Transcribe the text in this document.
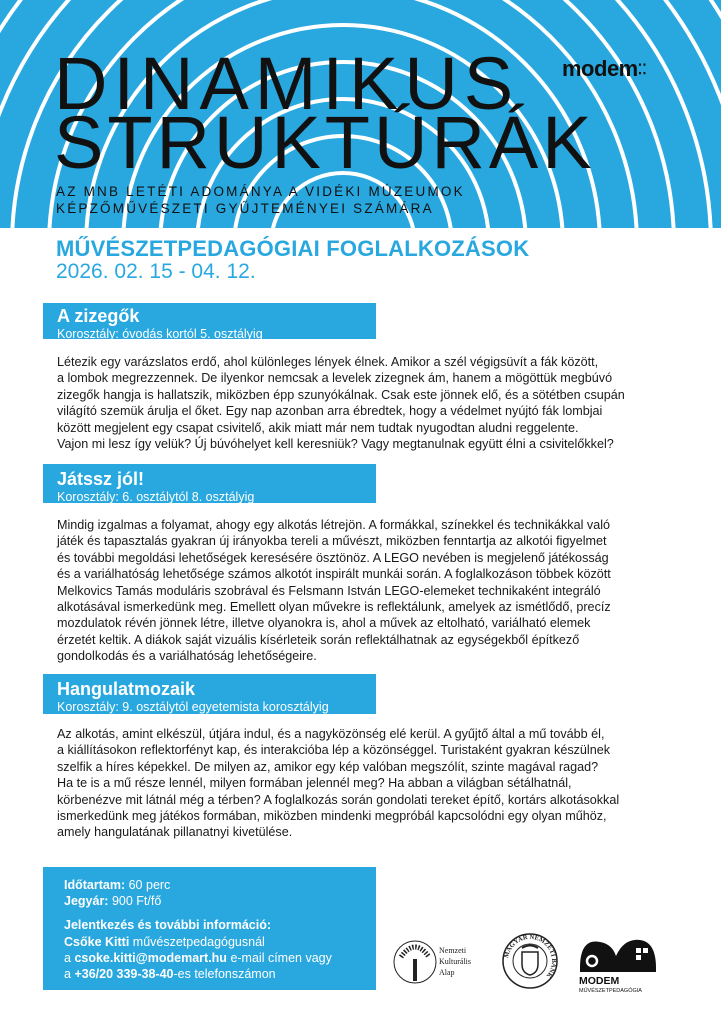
DINAMIKUS
STRUKTÚRÁK
AZ MNB LETÉTI ADOMÁNYA A VIDÉKI MÚZEUMOK
KÉPZŐMŰVÉSZETI GYŰJTEMÉNYEI SZÁMÁRA
modem⁚⁚
MŰVÉSZETPEDAGÓGIAI FOGLALKOZÁSOK
2026. 02. 15 - 04. 12.
A zizegők
Korosztály: óvodás kortól 5. osztályig
Létezik egy varázslatos erdő, ahol különleges lények élnek. Amikor a szél végigsüvít a fák között,
a lombok megrezzennek. De ilyenkor nemcsak a levelek zizegnek ám, hanem a mögöttük megbúvó
zizegők hangja is hallatszik, miközben épp szunyókálnak. Csak este jönnek elő, és a sötétben csupán
világító szemük árulja el őket. Egy nap azonban arra ébredtek, hogy a védelmet nyújtó fák lombjai
között megjelent egy csapat csivitelő, akik miatt már nem tudtak nyugodtan aludni reggelente.
Vajon mi lesz így velük? Új búvóhelyet kell keresniük? Vagy megtanulnak együtt élni a csivitelőkkel?
Játssz jól!
Korosztály: 6. osztálytól 8. osztályig
Mindig izgalmas a folyamat, ahogy egy alkotás létrejön. A formákkal, színekkel és technikákkal való
játék és tapasztalás gyakran új irányokba tereli a művészt, miközben fenntartja az alkotói figyelmet
és további megoldási lehetőségek keresésére ösztönöz. A LEGO nevében is megjelenő játékosság
és a variálhatóság lehetősége számos alkotót inspirált munkái során. A foglalkozáson többek között
Melkovics Tamás moduláris szobrával és Felsmann István LEGO-elemeket technikaként integráló
alkotásával ismerkedünk meg. Emellett olyan művekre is reflektálunk, amelyek az ismétlődő, precíz
mozdulatok révén jönnek létre, illetve olyanokra is, ahol a művek az eltolható, variálható elemek
érzetét keltik. A diákok saját vizuális kísérleteik során reflektálhatnak az egységekből építkező
gondolkodás és a variálhatóság lehetőségeire.
Hangulatmozaik
Korosztály: 9. osztálytól egyetemista korosztályig
Az alkotás, amint elkészül, útjára indul, és a nagyközönség elé kerül. A gyűjtő által a mű tovább él,
a kiállításokon reflektorfényt kap, és interakcióba lép a közönséggel. Turistaként gyakran készülnek
szelfik a híres képekkel. De milyen az, amikor egy kép valóban megszólít, szinte magával ragad?
Ha te is a mű része lennél, milyen formában jelennél meg? Ha abban a világban sétálhatnál,
körbenézve mit látnál még a térben? A foglalkozás során gondolati tereket építő, kortárs alkotásokkal
ismerkedünk meg játékos formában, miközben mindenki megpróbál kapcsolódni egy olyan műhöz,
amely hangulatának pillanatnyi kivetülése.
Időtartam: 60 perc
Jegyár: 900 Ft/fő
Jelentkezés és további információ:
Csőke Kitti művészetpedagógusnál
a csoke.kitti@modemart.hu e-mail címen vagy
a +36/20 339-38-40-es telefonszámon
Nemzeti
Kulturális
Alap
MAGYAR NEMZETI BANK
MODEM
MŰVÉSZETPEDAGÓGIA
